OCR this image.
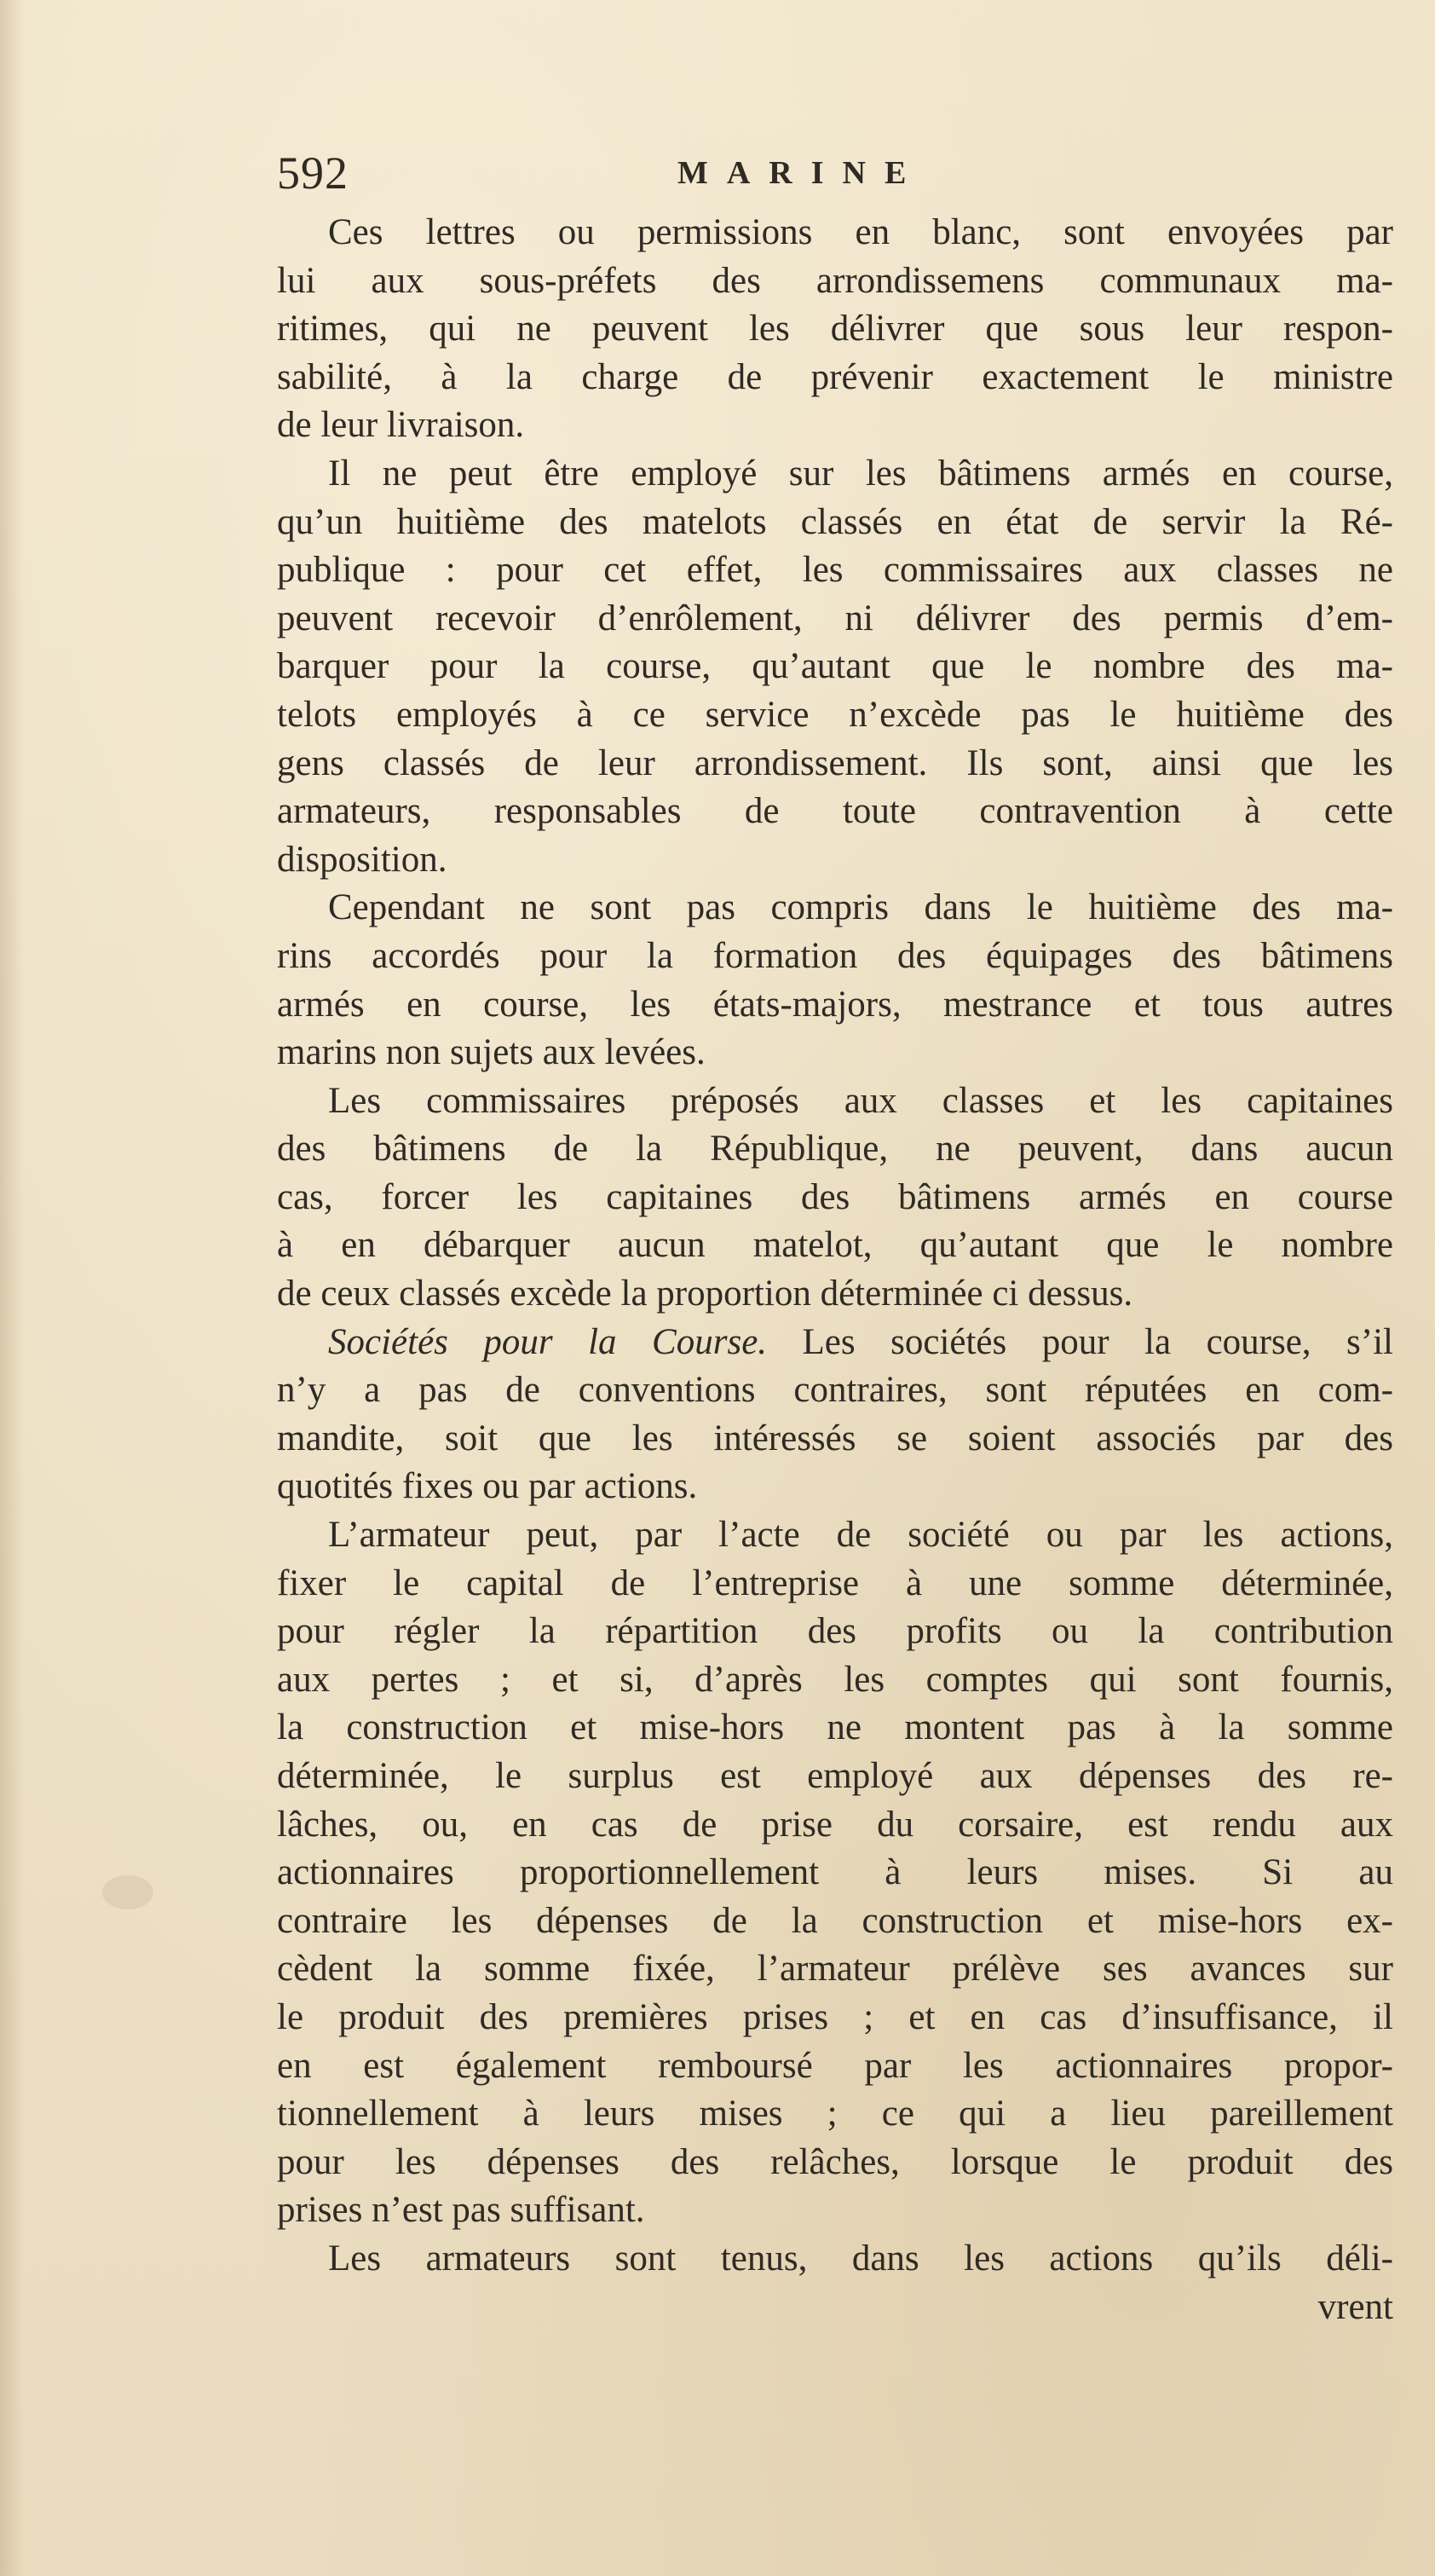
592	MARINE
Ces lettres ou permissions en blanc, sont envoyées par
lui aux sous-préfets des arrondissemens communaux ma-
ritimes, qui ne peuvent les délivrer que sous leur respon-
sabilité, à la charge de prévenir exactement le ministre
de leur livraison.
Il ne peut être employé sur les bâtimens armés en course,
qu’un huitième des matelots classés en état de servir la Ré-
publique : pour cet effet, les commissaires aux classes ne
peuvent recevoir d’enrôlement, ni délivrer des permis d’em-
barquer pour la course, qu’autant que le nombre des ma-
telots employés à ce service n’excède pas le huitième des
gens classés de leur arrondissement. Ils sont, ainsi que les
armateurs, responsables de toute contravention à cette
disposition.
Cependant ne sont pas compris dans le huitième des ma-
rins accordés pour la formation des équipages des bâtimens
armés en course, les états-majors, mestrance et tous autres
marins non sujets aux levées.
Les commissaires préposés aux classes et les capitaines
des bâtimens de la République, ne peuvent, dans aucun
cas, forcer les capitaines des bâtimens armés en course
à en débarquer aucun matelot, qu’autant que le nombre
de ceux classés excède la proportion déterminée ci dessus.
Sociétés pour la Course. Les sociétés pour la course, s’il
n’y a pas de conventions contraires, sont réputées en com-
mandite, soit que les intéressés se soient associés par des
quotités fixes ou par actions.
L’armateur peut, par l’acte de société ou par les actions,
fixer le capital de l’entreprise à une somme déterminée,
pour régler la répartition des profits ou la contribution
aux pertes ; et si, d’après les comptes qui sont fournis,
la construction et mise-hors ne montent pas à la somme
déterminée, le surplus est employé aux dépenses des re-
lâches, ou, en cas de prise du corsaire, est rendu aux
actionnaires proportionnellement à leurs mises. Si au
contraire les dépenses de la construction et mise-hors ex-
cèdent la somme fixée, l’armateur prélève ses avances sur
le produit des premières prises ; et en cas d’insuffisance, il
en est également remboursé par les actionnaires propor-
tionnellement à leurs mises ; ce qui a lieu pareillement
pour les dépenses des relâches, lorsque le produit des
prises n’est pas suffisant.
Les armateurs sont tenus, dans les actions qu’ils déli-
vrent
